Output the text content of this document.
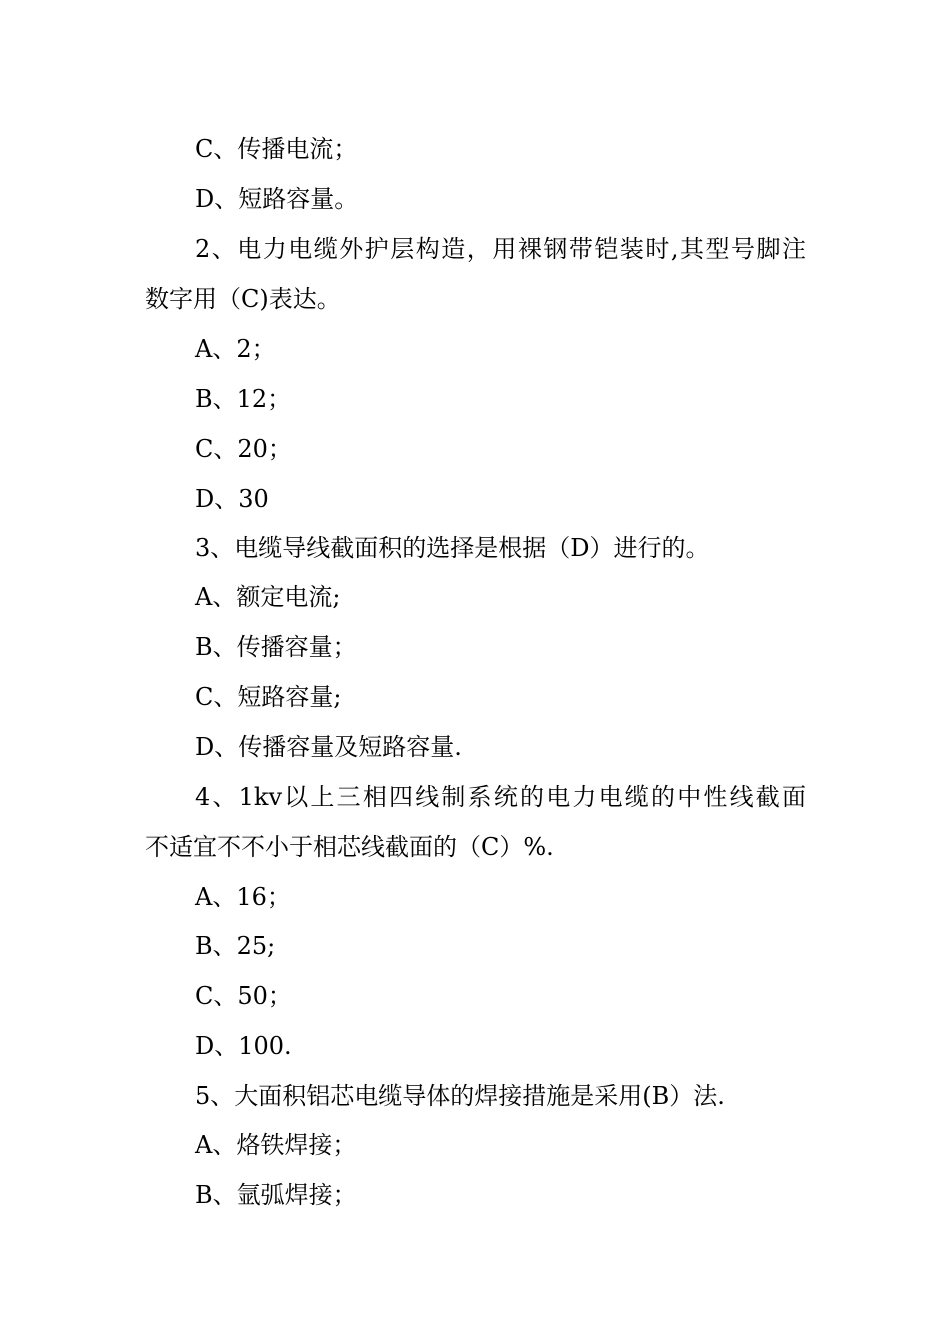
C、传播电流；
D、短路容量。
2、电力电缆外护层构造，用裸钢带铠装时,其型号脚注
数字用（C)表达。
A、2；
B、12；
C、20；
D、30
3、电缆导线截面积的选择是根据（D）进行的。
A、额定电流;
B、传播容量；
C、短路容量;
D、传播容量及短路容量.
4、1kv以上三相四线制系统的电力电缆的中性线截面
不适宜不不小于相芯线截面的（C）%.
A、16；
B、25;
C、50；
D、100.
5、大面积铝芯电缆导体的焊接措施是采用(B）法.
A、烙铁焊接；
B、氩弧焊接；
